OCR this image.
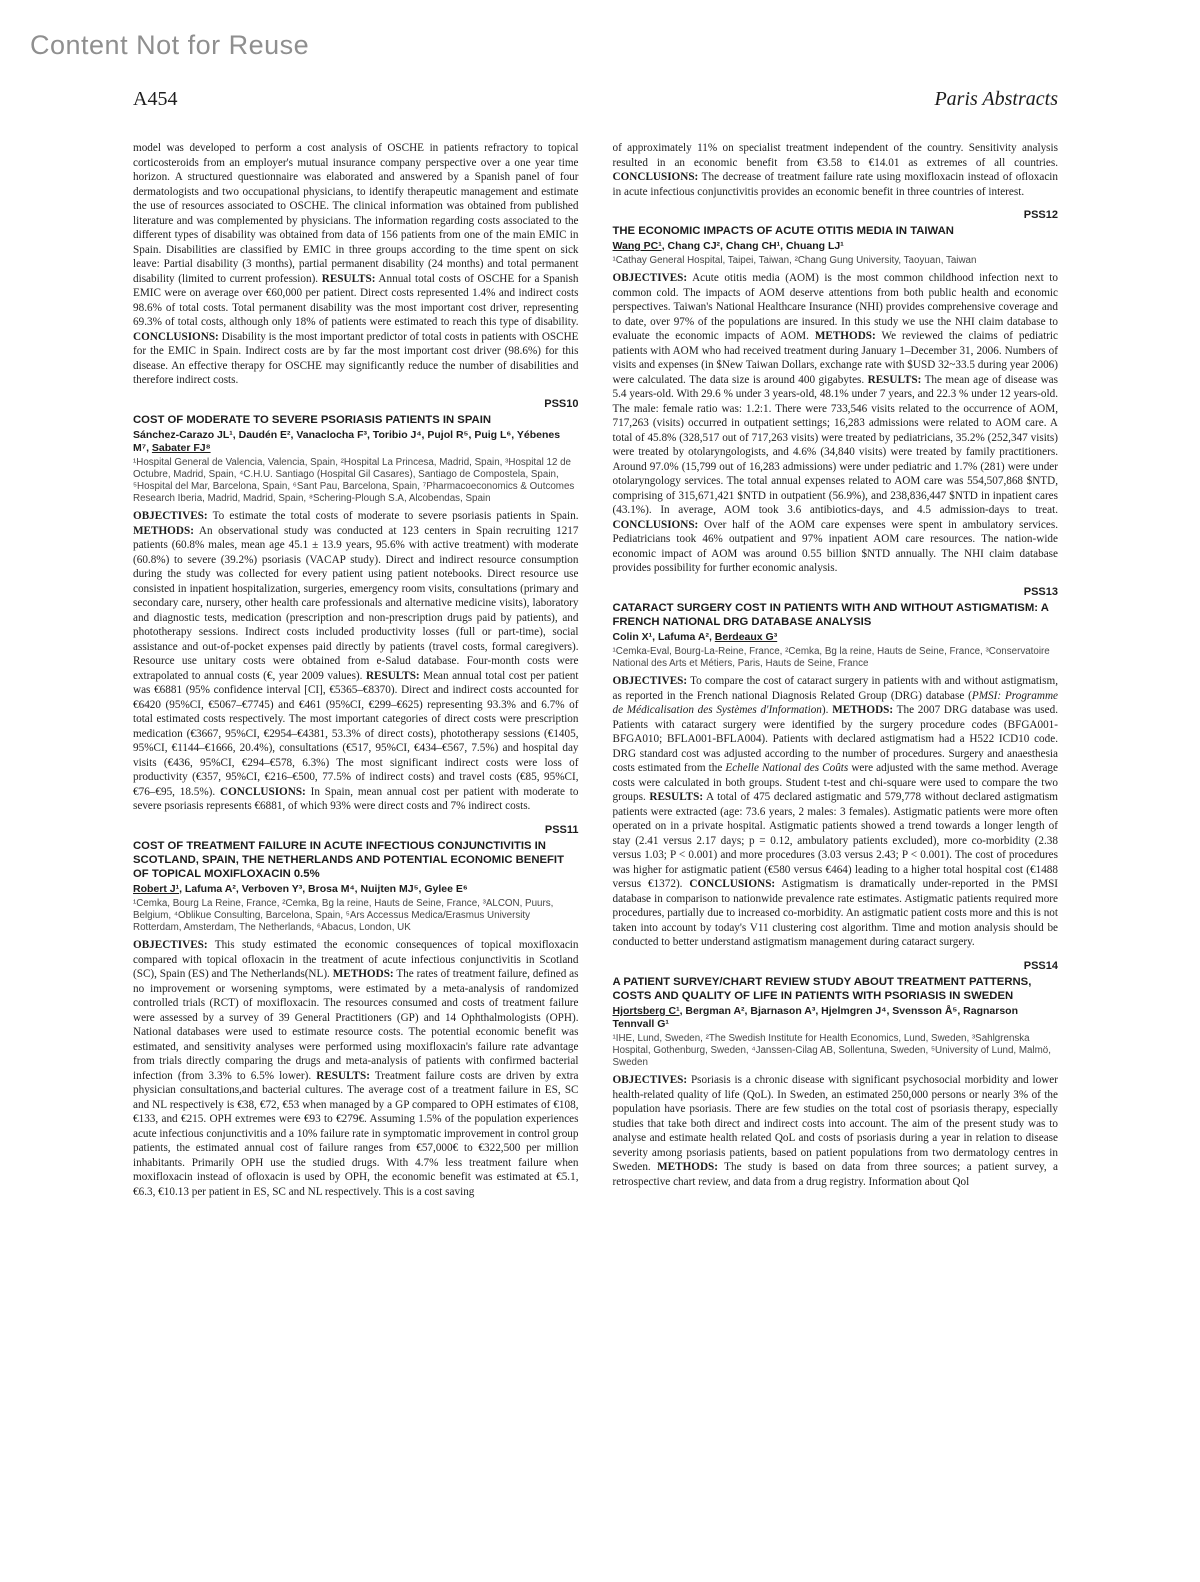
Content Not for Reuse
A454	Paris Abstracts

model was developed to perform a cost analysis of OSCHE in patients refractory to topical corticosteroids from an employer's mutual insurance company perspective over a one year time horizon. A structured questionnaire was elaborated and answered by a Spanish panel of four dermatologists and two occupational physicians, to identify therapeutic management and estimate the use of resources associated to OSCHE. The clinical information was obtained from published literature and was complemented by physicians. The information regarding costs associated to the different types of disability was obtained from data of 156 patients from one of the main EMIC in Spain. Disabilities are classified by EMIC in three groups according to the time spent on sick leave: Partial disability (3 months), partial permanent disability (24 months) and total permanent disability (limited to current profession). RESULTS: Annual total costs of OSCHE for a Spanish EMIC were on average over €60,000 per patient. Direct costs represented 1.4% and indirect costs 98.6% of total costs. Total permanent disability was the most important cost driver, representing 69.3% of total costs, although only 18% of patients were estimated to reach this type of disability. CONCLUSIONS: Disability is the most important predictor of total costs in patients with OSCHE for the EMIC in Spain. Indirect costs are by far the most important cost driver (98.6%) for this disease. An effective therapy for OSCHE may significantly reduce the number of disabilities and therefore indirect costs.

PSS10
COST OF MODERATE TO SEVERE PSORIASIS PATIENTS IN SPAIN

Sánchez-Carazo JL¹, Daudén E², Vanaclocha F³, Toribio J⁴, Pujol R⁵, Puig L⁶, Yébenes M⁷, Sabater FJ⁸

¹Hospital General de Valencia, Valencia, Spain, ²Hospital La Princesa, Madrid, Spain, ³Hospital 12 de Octubre, Madrid, Spain, ⁴C.H.U. Santiago (Hospital Gil Casares), Santiago de Compostela, Spain, ⁵Hospital del Mar, Barcelona, Spain, ⁶Sant Pau, Barcelona, Spain, ⁷Pharmacoeconomics & Outcomes Research Iberia, Madrid, Madrid, Spain, ⁸Schering-Plough S.A, Alcobendas, Spain

OBJECTIVES: To estimate the total costs of moderate to severe psoriasis patients in Spain. METHODS: An observational study was conducted at 123 centers in Spain recruiting 1217 patients (60.8% males, mean age 45.1 ± 13.9 years, 95.6% with active treatment) with moderate (60.8%) to severe (39.2%) psoriasis (VACAP study). Direct and indirect resource consumption during the study was collected for every patient using patient notebooks. Direct resource use consisted in inpatient hospitalization, surgeries, emergency room visits, consultations (primary and secondary care, nursery, other health care professionals and alternative medicine visits), laboratory and diagnostic tests, medication (prescription and non-prescription drugs paid by patients), and phototherapy sessions. Indirect costs included productivity losses (full or part-time), social assistance and out-of-pocket expenses paid directly by patients (travel costs, formal caregivers). Resource use unitary costs were obtained from e-Salud database. Four-month costs were extrapolated to annual costs (€, year 2009 values). RESULTS: Mean annual total cost per patient was €6881 (95% confidence interval [CI], €5365–€8370). Direct and indirect costs accounted for €6420 (95%CI, €5067–€7745) and €461 (95%CI, €299–€625) representing 93.3% and 6.7% of total estimated costs respectively. The most important categories of direct costs were prescription medication (€3667, 95%CI, €2954–€4381, 53.3% of direct costs), phototherapy sessions (€1405, 95%CI, €1144–€1666, 20.4%), consultations (€517, 95%CI, €434–€567, 7.5%) and hospital day visits (€436, 95%CI, €294–€578, 6.3%) The most significant indirect costs were loss of productivity (€357, 95%CI, €216–€500, 77.5% of indirect costs) and travel costs (€85, 95%CI, €76–€95, 18.5%). CONCLUSIONS: In Spain, mean annual cost per patient with moderate to severe psoriasis represents €6881, of which 93% were direct costs and 7% indirect costs.

PSS11
COST OF TREATMENT FAILURE IN ACUTE INFECTIOUS CONJUNCTIVITIS IN SCOTLAND, SPAIN, THE NETHERLANDS AND POTENTIAL ECONOMIC BENEFIT OF TOPICAL MOXIFLOXACIN 0.5%

Robert J¹, Lafuma A², Verboven Y³, Brosa M⁴, Nuijten MJ⁵, Gylee E⁶

¹Cemka, Bourg La Reine, France, ²Cemka, Bg la reine, Hauts de Seine, France, ³ALCON, Puurs, Belgium, ⁴Oblikue Consulting, Barcelona, Spain, ⁵Ars Accessus Medica/Erasmus University Rotterdam, Amsterdam, The Netherlands, ⁶Abacus, London, UK

OBJECTIVES: This study estimated the economic consequences of topical moxifloxacin compared with topical ofloxacin in the treatment of acute infectious conjunctivitis in Scotland (SC), Spain (ES) and The Netherlands(NL). METHODS: The rates of treatment failure, defined as no improvement or worsening symptoms, were estimated by a meta-analysis of randomized controlled trials (RCT) of moxifloxacin. The resources consumed and costs of treatment failure were assessed by a survey of 39 General Practitioners (GP) and 14 Ophthalmologists (OPH). National databases were used to estimate resource costs. The potential economic benefit was estimated, and sensitivity analyses were performed using moxifloxacin's failure rate advantage from trials directly comparing the drugs and meta-analysis of patients with confirmed bacterial infection (from 3.3% to 6.5% lower). RESULTS: Treatment failure costs are driven by extra physician consultations,and bacterial cultures. The average cost of a treatment failure in ES, SC and NL respectively is €38, €72, €53 when managed by a GP compared to OPH estimates of €108, €133, and €215. OPH extremes were €93 to €279€. Assuming 1.5% of the population experiences acute infectious conjunctivitis and a 10% failure rate in symptomatic improvement in control group patients, the estimated annual cost of failure ranges from €57,000€ to €322,500 per million inhabitants. Primarily OPH use the studied drugs. With 4.7% less treatment failure when moxifloxacin instead of ofloxacin is used by OPH, the economic benefit was estimated at €5.1, €6.3, €10.13 per patient in ES, SC and NL respectively. This is a cost saving

of approximately 11% on specialist treatment independent of the country. Sensitivity analysis resulted in an economic benefit from €3.58 to €14.01 as extremes of all countries. CONCLUSIONS: The decrease of treatment failure rate using moxifloxacin instead of ofloxacin in acute infectious conjunctivitis provides an economic benefit in three countries of interest.

PSS12
THE ECONOMIC IMPACTS OF ACUTE OTITIS MEDIA IN TAIWAN

Wang PC¹, Chang CJ², Chang CH¹, Chuang LJ¹

¹Cathay General Hospital, Taipei, Taiwan, ²Chang Gung University, Taoyuan, Taiwan

OBJECTIVES: Acute otitis media (AOM) is the most common childhood infection next to common cold. The impacts of AOM deserve attentions from both public health and economic perspectives. Taiwan's National Healthcare Insurance (NHI) provides comprehensive coverage and to date, over 97% of the populations are insured. In this study we use the NHI claim database to evaluate the economic impacts of AOM. METHODS: We reviewed the claims of pediatric patients with AOM who had received treatment during January 1–December 31, 2006. Numbers of visits and expenses (in $New Taiwan Dollars, exchange rate with $USD 32~33.5 during year 2006) were calculated. The data size is around 400 gigabytes. RESULTS: The mean age of disease was 5.4 years-old. With 29.6 % under 3 years-old, 48.1% under 7 years, and 22.3 % under 12 years-old. The male: female ratio was: 1.2:1. There were 733,546 visits related to the occurrence of AOM, 717,263 (visits) occurred in outpatient settings; 16,283 admissions were related to AOM care. A total of 45.8% (328,517 out of 717,263 visits) were treated by pediatricians, 35.2% (252,347 visits) were treated by otolaryngologists, and 4.6% (34,840 visits) were treated by family practitioners. Around 97.0% (15,799 out of 16,283 admissions) were under pediatric and 1.7% (281) were under otolaryngology services. The total annual expenses related to AOM care was 554,507,868 $NTD, comprising of 315,671,421 $NTD in outpatient (56.9%), and 238,836,447 $NTD in inpatient cares (43.1%). In average, AOM took 3.6 antibiotics-days, and 4.5 admission-days to treat. CONCLUSIONS: Over half of the AOM care expenses were spent in ambulatory services. Pediatricians took 46% outpatient and 97% inpatient AOM care resources. The nation-wide economic impact of AOM was around 0.55 billion $NTD annually. The NHI claim database provides possibility for further economic analysis.

PSS13
CATARACT SURGERY COST IN PATIENTS WITH AND WITHOUT ASTIGMATISM: A FRENCH NATIONAL DRG DATABASE ANALYSIS

Colin X¹, Lafuma A², Berdeaux G³

¹Cemka-Eval, Bourg-La-Reine, France, ²Cemka, Bg la reine, Hauts de Seine, France, ³Conservatoire National des Arts et Métiers, Paris, Hauts de Seine, France

OBJECTIVES: To compare the cost of cataract surgery in patients with and without astigmatism, as reported in the French national Diagnosis Related Group (DRG) database (PMSI: Programme de Médicalisation des Systèmes d'Information). METHODS: The 2007 DRG database was used. Patients with cataract surgery were identified by the surgery procedure codes (BFGA001-BFGA010; BFLA001-BFLA004). Patients with declared astigmatism had a H522 ICD10 code. DRG standard cost was adjusted according to the number of procedures. Surgery and anaesthesia costs estimated from the Echelle National des Coûts were adjusted with the same method. Average costs were calculated in both groups. Student t-test and chi-square were used to compare the two groups. RESULTS: A total of 475 declared astigmatic and 579,778 without declared astigmatism patients were extracted (age: 73.6 years, 2 males: 3 females). Astigmatic patients were more often operated on in a private hospital. Astigmatic patients showed a trend towards a longer length of stay (2.41 versus 2.17 days; p = 0.12, ambulatory patients excluded), more co-morbidity (2.38 versus 1.03; P < 0.001) and more procedures (3.03 versus 2.43; P < 0.001). The cost of procedures was higher for astigmatic patient (€580 versus €464) leading to a higher total hospital cost (€1488 versus €1372). CONCLUSIONS: Astigmatism is dramatically under-reported in the PMSI database in comparison to nationwide prevalence rate estimates. Astigmatic patients required more procedures, partially due to increased co-morbidity. An astigmatic patient costs more and this is not taken into account by today's V11 clustering cost algorithm. Time and motion analysis should be conducted to better understand astigmatism management during cataract surgery.

PSS14
A PATIENT SURVEY/CHART REVIEW STUDY ABOUT TREATMENT PATTERNS, COSTS AND QUALITY OF LIFE IN PATIENTS WITH PSORIASIS IN SWEDEN

Hjortsberg C¹, Bergman A², Bjarnason A³, Hjelmgren J⁴, Svensson Å⁵, Ragnarson Tennvall G¹

¹IHE, Lund, Sweden, ²The Swedish Institute for Health Economics, Lund, Sweden, ³Sahlgrenska Hospital, Gothenburg, Sweden, ⁴Janssen-Cilag AB, Sollentuna, Sweden, ⁵University of Lund, Malmö, Sweden

OBJECTIVES: Psoriasis is a chronic disease with significant psychosocial morbidity and lower health-related quality of life (QoL). In Sweden, an estimated 250,000 persons or nearly 3% of the population have psoriasis. There are few studies on the total cost of psoriasis therapy, especially studies that take both direct and indirect costs into account. The aim of the present study was to analyse and estimate health related QoL and costs of psoriasis during a year in relation to disease severity among psoriasis patients, based on patient populations from two dermatology centres in Sweden. METHODS: The study is based on data from three sources; a patient survey, a retrospective chart review, and data from a drug registry. Information about Qol
